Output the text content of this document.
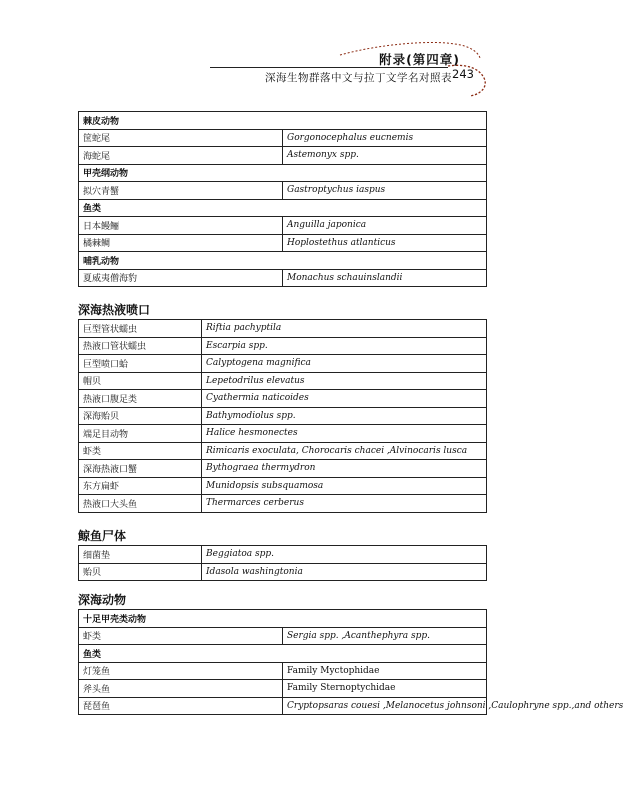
附录(第四章)
深海生物群落中文与拉丁文学名对照表 243
棘皮动物	
筐蛇尾	Gorgonocephalus eucnemis
海蛇尾	Astemonyx spp.
甲壳纲动物	
拟穴青蟹	Gastroptychus iaspus
鱼类	
日本鳗鲡	Anguilla japonica
橘棘鲷	Hoplostethus atlanticus
哺乳动物	
夏威夷僧海豹	Monachus schauinslandii
深海热液喷口
巨型管状蠕虫	Riftia pachyptila
热液口管状蠕虫	Escarpia spp.
巨型喷口蛤	Calyptogena magnifica
帽贝	Lepetodrilus elevatus
热液口腹足类	Cyathermia naticoides
深海贻贝	Bathymodiolus spp.
端足目动物	Halice hesmonectes
虾类	Rimicaris exoculata, Chorocaris chacei ,Alvinocaris lusca
深海热液口蟹	Bythograea thermydron
东方扁虾	Munidopsis subsquamosa
热液口大头鱼	Thermarces cerberus
鲸鱼尸体
细菌垫	Beggiatoa spp.
贻贝	Idasola washingtonia
深海动物
十足甲壳类动物	
虾类	Sergia spp. ,Acanthephyra spp.
鱼类	
灯笼鱼	Family Myctophidae
斧头鱼	Family Sternoptychidae
琵琶鱼	Cryptopsaras couesi ,Melanocetus johnsoni ,Caulophryne spp.,and others
